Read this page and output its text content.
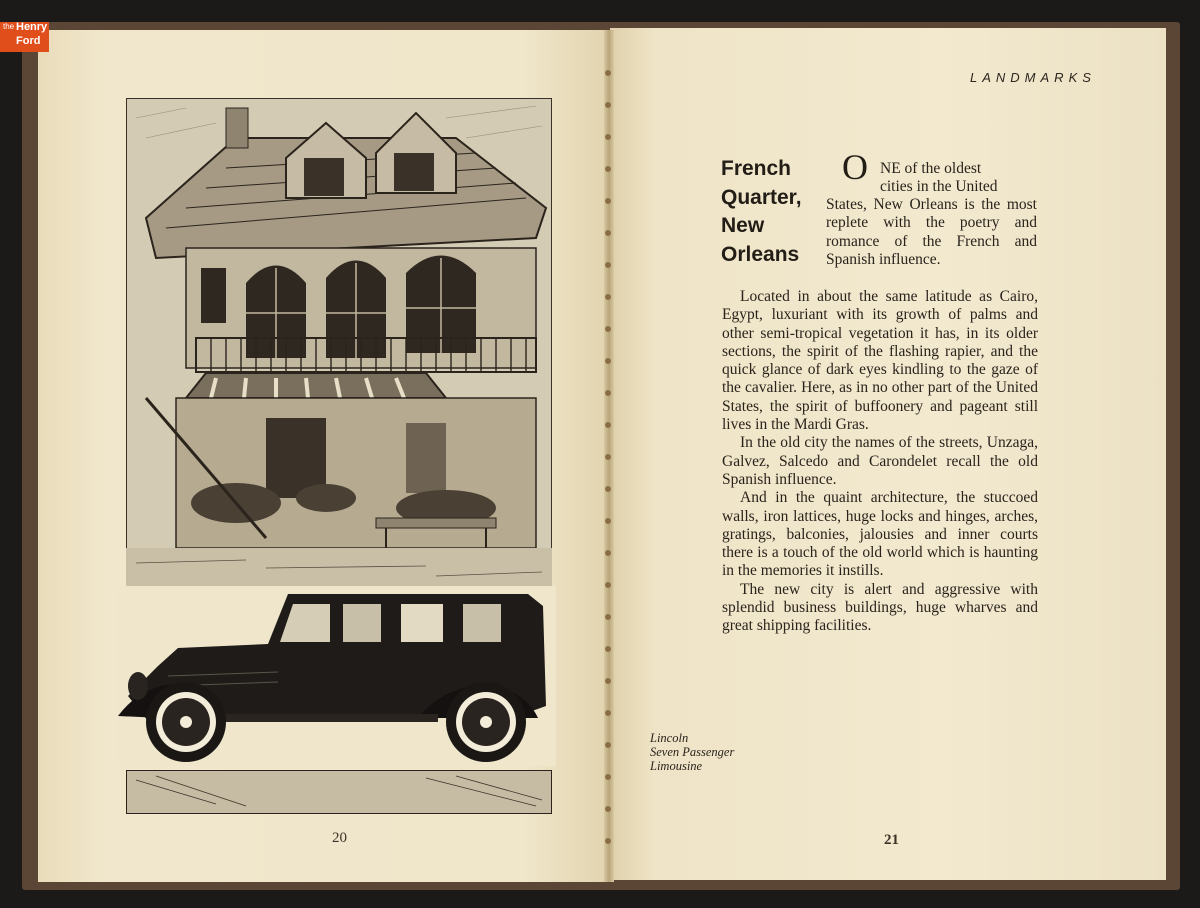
the Henry
Ford
20
LANDMARKS
French
Quarter,
New
Orleans
O NE of the oldest
cities in the United
States, New Orleans is the most replete with the poetry and romance of the French and Spanish influence.

Located in about the same latitude as Cairo, Egypt, luxuriant with its growth of palms and other semi-tropical vegetation it has, in its older sections, the spirit of the flashing rapier, and the quick glance of dark eyes kindling to the gaze of the cavalier. Here, as in no other part of the United States, the spirit of buffoonery and pageant still lives in the Mardi Gras.

In the old city the names of the streets, Unzaga, Galvez, Salcedo and Carondelet recall the old Spanish influence.

And in the quaint architecture, the stuccoed walls, iron lattices, huge locks and hinges, arches, gratings, balconies, jalousies and inner courts there is a touch of the old world which is haunting in the memories it instills.

The new city is alert and aggressive with splendid business buildings, huge wharves and great shipping facilities.

Lincoln
Seven Passenger
Limousine
21
